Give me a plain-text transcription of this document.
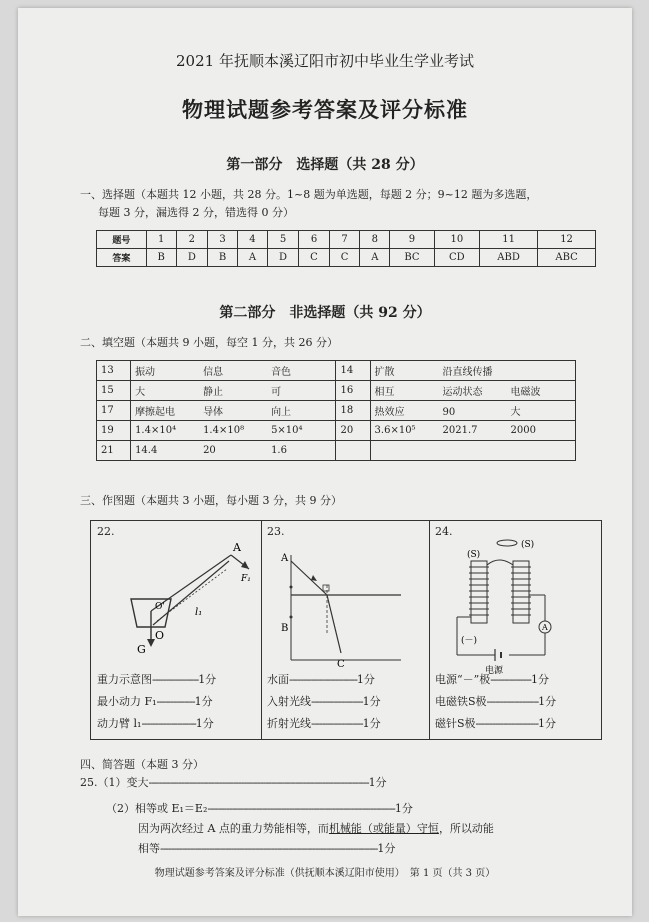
2021 年抚顺本溪辽阳市初中毕业生学业考试
物理试题参考答案及评分标准
第一部分　选择题（共 28 分）
一、选择题（本题共 12 小题，共 28 分。1~8 题为单选题，每题 2 分；9~12 题为多选题，
每题 3 分，漏选得 2 分，错选得 0 分）
题号	1	2	3	4	5	6	7	8	9	10	11	12
答案	B	D	B	A	D	C	C	A	BC	CD	ABD	ABC
第二部分　非选择题（共 92 分）
二、填空题（本题共 9 小题，每空 1 分，共 26 分）
13	振动 信息 音色	14	扩散 沿直线传播
15	大 静止 可	16	相互 运动状态 电磁波
17	摩擦起电 导体 向上	18	热效应 90 大
19	1.4×10⁴ 1.4×10⁸ 5×10⁴	20	3.6×10⁵ 2021.7 2000
21	14.4 20 1.6		
三、作图题（本题共 3 小题，每小题 3 分，共 9 分）
22.
A
F₁
O'
O
G
l₁
重力示意图-----------------1分
最小动力 F₁--------------1分
动力臂 l₁--------------------1分
23.
A
B
C
水面-------------------------1分
入射光线-------------------1分
折射光线-------------------1分
24.
(S)
(S)
A
(－)
电源
电源“－”极---------------1分
电磁铁S极-------------------1分
磁针S极-----------------------1分
四、简答题（本题 3 分）
25.（1）变大---------------------------------------------------------------------------------1分
（2）相等或 E₁＝E₂---------------------------------------------------------------------1分
因为两次经过 A 点的重力势能相等，而机械能（或能量）守恒，所以动能
相等--------------------------------------------------------------------------------1分
物理试题参考答案及评分标准（供抚顺本溪辽阳市使用）　第 1 页（共 3 页）
